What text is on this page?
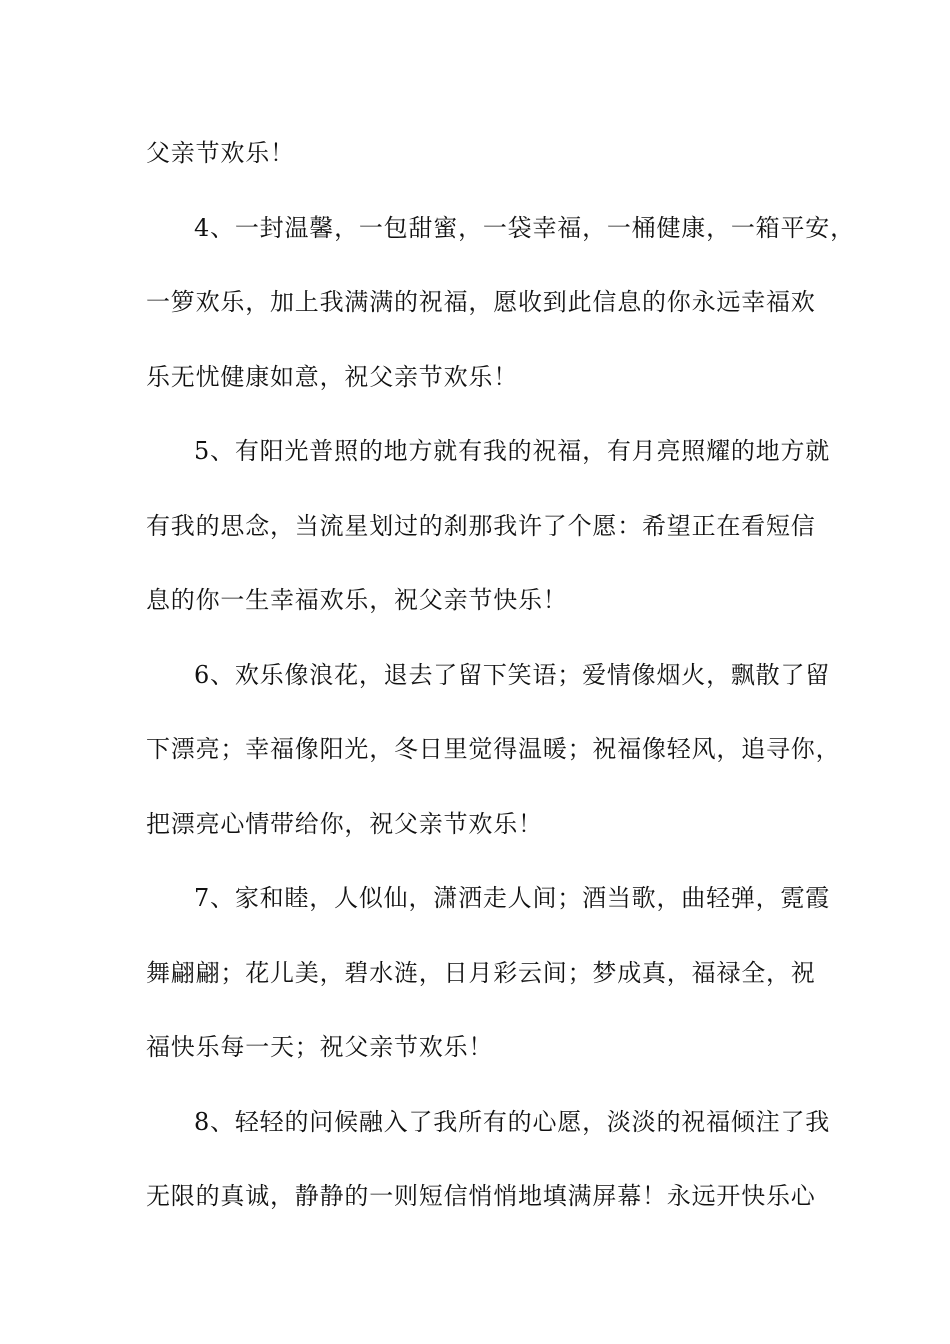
父亲节欢乐！
4、一封温馨，一包甜蜜，一袋幸福，一桶健康，一箱平安，
一箩欢乐，加上我满满的祝福，愿收到此信息的你永远幸福欢
乐无忧健康如意，祝父亲节欢乐！
5、有阳光普照的地方就有我的祝福，有月亮照耀的地方就
有我的思念，当流星划过的刹那我许了个愿：希望正在看短信
息的你一生幸福欢乐，祝父亲节快乐！
6、欢乐像浪花，退去了留下笑语；爱情像烟火，飘散了留
下漂亮；幸福像阳光，冬日里觉得温暖；祝福像轻风，追寻你，
把漂亮心情带给你，祝父亲节欢乐！
7、家和睦，人似仙，潇洒走人间；酒当歌，曲轻弹，霓霞
舞翩翩；花儿美，碧水涟，日月彩云间；梦成真，福禄全，祝
福快乐每一天；祝父亲节欢乐！
8、轻轻的问候融入了我所有的心愿，淡淡的祝福倾注了我
无限的真诚，静静的一则短信悄悄地填满屏幕！永远开快乐心
